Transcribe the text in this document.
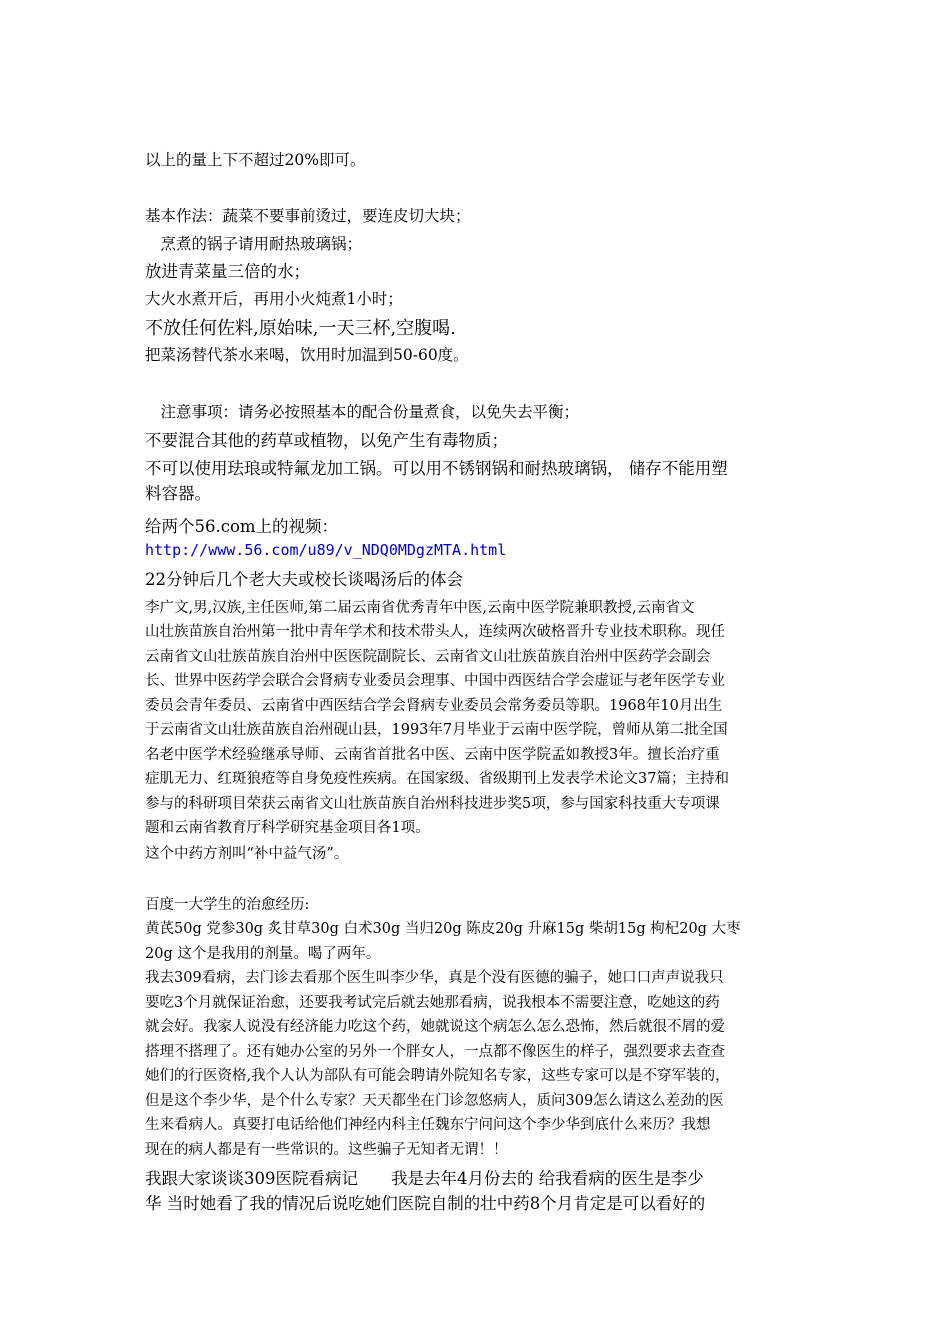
以上的量上下不超过20%即可。
基本作法：蔬菜不要事前烫过，要连皮切大块；
　烹煮的锅子请用耐热玻璃锅；
放进青菜量三倍的水；
大火水煮开后，再用小火炖煮1小时；
不放任何佐料,原始味,一天三杯,空腹喝.
把菜汤替代茶水来喝，饮用时加温到50-60度。
　注意事项：请务必按照基本的配合份量煮食，以免失去平衡；
不要混合其他的药草或植物，以免产生有毒物质；
不可以使用珐琅或特氟龙加工锅。可以用不锈钢锅和耐热玻璃锅， 储存不能用塑
料容器。
给两个56.com上的视频：
http://www.56.com/u89/v_NDQ0MDgzMTA.html
22分钟后几个老大夫或校长谈喝汤后的体会
李广文,男,汉族,主任医师,第二届云南省优秀青年中医,云南中医学院兼职教授,云南省文
山壮族苗族自治州第一批中青年学术和技术带头人，连续两次破格晋升专业技术职称。现任
云南省文山壮族苗族自治州中医医院副院长、云南省文山壮族苗族自治州中医药学会副会
长、世界中医药学会联合会肾病专业委员会理事、中国中西医结合学会虚证与老年医学专业
委员会青年委员、云南省中西医结合学会肾病专业委员会常务委员等职。1968年10月出生
于云南省文山壮族苗族自治州砚山县，1993年7月毕业于云南中医学院，曾师从第二批全国
名老中医学术经验继承导师、云南省首批名中医、云南中医学院孟如教授3年。擅长治疗重
症肌无力、红斑狼疮等自身免疫性疾病。在国家级、省级期刊上发表学术论文37篇；主持和
参与的科研项目荣获云南省文山壮族苗族自治州科技进步奖5项，参与国家科技重大专项课
题和云南省教育厅科学研究基金项目各1项。
这个中药方剂叫“补中益气汤”。
百度一大学生的治愈经历:
黄芪50g 党参30g 炙甘草30g 白术30g 当归20g 陈皮20g 升麻15g 柴胡15g 枸杞20g 大枣
20g 这个是我用的剂量。喝了两年。
我去309看病，去门诊去看那个医生叫李少华，真是个没有医德的骗子，她口口声声说我只
要吃3个月就保证治愈，还要我考试完后就去她那看病，说我根本不需要注意，吃她这的药
就会好。我家人说没有经济能力吃这个药，她就说这个病怎么怎么恐怖，然后就很不屑的爱
搭理不搭理了。还有她办公室的另外一个胖女人，一点都不像医生的样子，强烈要求去查查
她们的行医资格,我个人认为部队有可能会聘请外院知名专家，这些专家可以是不穿军装的，
但是这个李少华，是个什么专家？天天都坐在门诊忽悠病人，质问309怎么请这么差劲的医
生来看病人。真要打电话给他们神经内科主任魏东宁问问这个李少华到底什么来历？我想
现在的病人都是有一些常识的。这些骗子无知者无谓！！
我跟大家谈谈309医院看病记　　我是去年4月份去的 给我看病的医生是李少
华 当时她看了我的情况后说吃她们医院自制的壮中药8个月肯定是可以看好的
